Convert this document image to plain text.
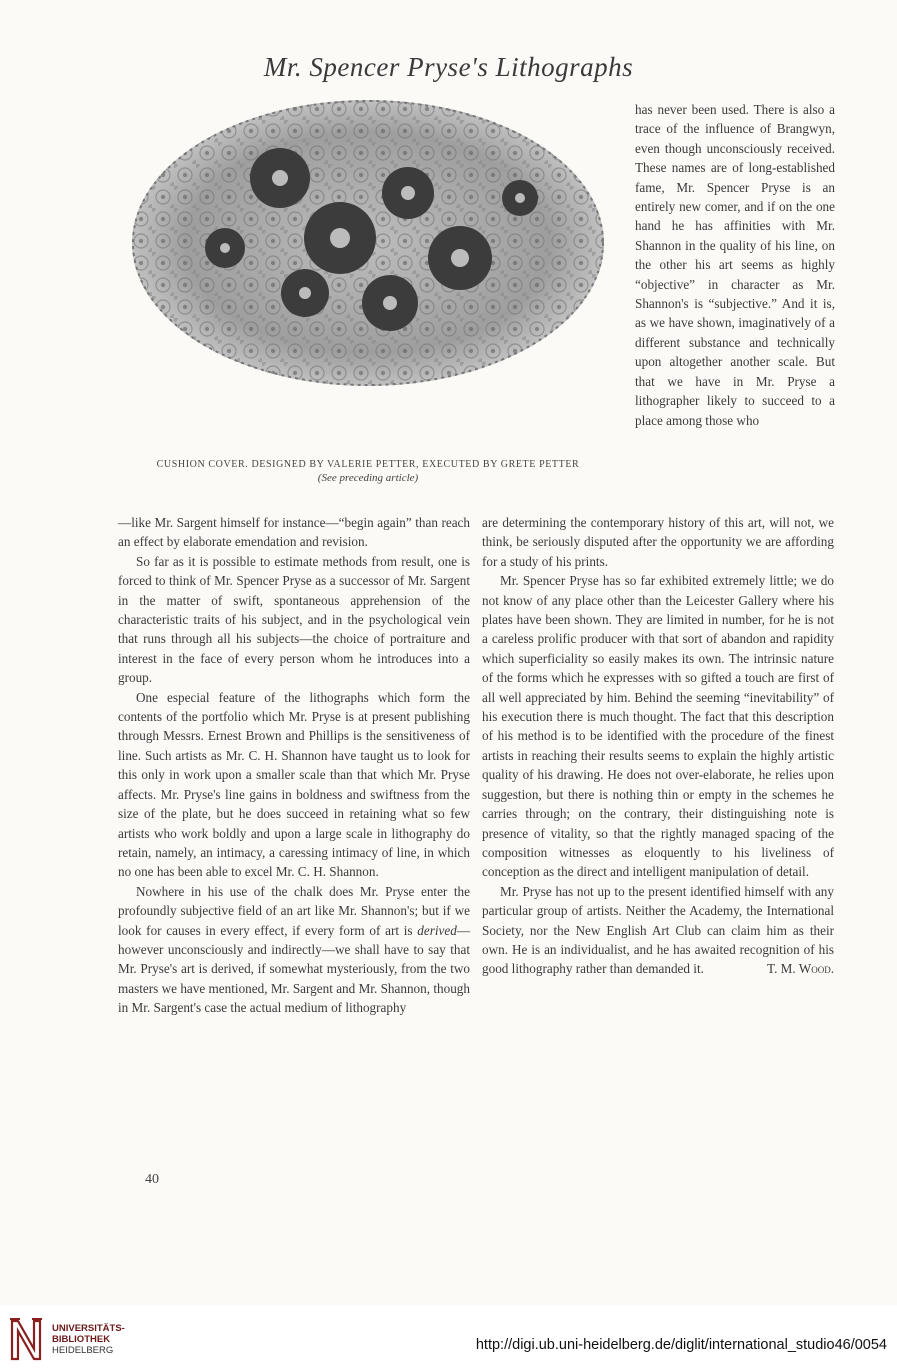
Mr. Spencer Pryse's Lithographs
CUSHION COVER. DESIGNED BY VALERIE PETTER, EXECUTED BY GRETE PETTER
(See preceding article)

has never been used. There is also a trace of the influence of Brangwyn, even though unconsciously received. These names are of long-established fame, Mr. Spencer Pryse is an entirely new comer, and if on the one hand he has affinities with Mr. Shannon in the quality of his line, on the other his art seems as highly “objective” in character as Mr. Shannon's is “subjective.” And it is, as we have shown, imaginatively of a different substance and technically upon altogether another scale. But that we have in Mr. Pryse a lithographer likely to succeed to a place among those who

—like Mr. Sargent himself for instance—“begin again” than reach an effect by elaborate emendation and revision.

So far as it is possible to estimate methods from result, one is forced to think of Mr. Spencer Pryse as a successor of Mr. Sargent in the matter of swift, spontaneous apprehension of the characteristic traits of his subject, and in the psychological vein that runs through all his subjects—the choice of portraiture and interest in the face of every person whom he introduces into a group.

One especial feature of the lithographs which form the contents of the portfolio which Mr. Pryse is at present publishing through Messrs. Ernest Brown and Phillips is the sensitiveness of line. Such artists as Mr. C. H. Shannon have taught us to look for this only in work upon a smaller scale than that which Mr. Pryse affects. Mr. Pryse's line gains in boldness and swiftness from the size of the plate, but he does succeed in retaining what so few artists who work boldly and upon a large scale in lithography do retain, namely, an intimacy, a caressing intimacy of line, in which no one has been able to excel Mr. C. H. Shannon.

Nowhere in his use of the chalk does Mr. Pryse enter the profoundly subjective field of an art like Mr. Shannon's; but if we look for causes in every effect, if every form of art is derived—however unconsciously and indirectly—we shall have to say that Mr. Pryse's art is derived, if somewhat mysteriously, from the two masters we have mentioned, Mr. Sargent and Mr. Shannon, though in Mr. Sargent's case the actual medium of lithography

are determining the contemporary history of this art, will not, we think, be seriously disputed after the opportunity we are affording for a study of his prints.

Mr. Spencer Pryse has so far exhibited extremely little; we do not know of any place other than the Leicester Gallery where his plates have been shown. They are limited in number, for he is not a careless prolific producer with that sort of abandon and rapidity which superficiality so easily makes its own. The intrinsic nature of the forms which he expresses with so gifted a touch are first of all well appreciated by him. Behind the seeming “inevitability” of his execution there is much thought. The fact that this description of his method is to be identified with the procedure of the finest artists in reaching their results seems to explain the highly artistic quality of his drawing. He does not over-elaborate, he relies upon suggestion, but there is nothing thin or empty in the schemes he carries through; on the contrary, their distinguishing note is presence of vitality, so that the rightly managed spacing of the composition witnesses as eloquently to his liveliness of conception as the direct and intelligent manipulation of detail.

Mr. Pryse has not up to the present identified himself with any particular group of artists. Neither the Academy, the International Society, nor the New English Art Club can claim him as their own. He is an individualist, and he has awaited recognition of his good lithography rather than demanded it.	T. M. Wood.

40
UNIVERSITÄTS-
BIBLIOTHEK
HEIDELBERG	http://digi.ub.uni-heidelberg.de/diglit/international_studio46/0054
